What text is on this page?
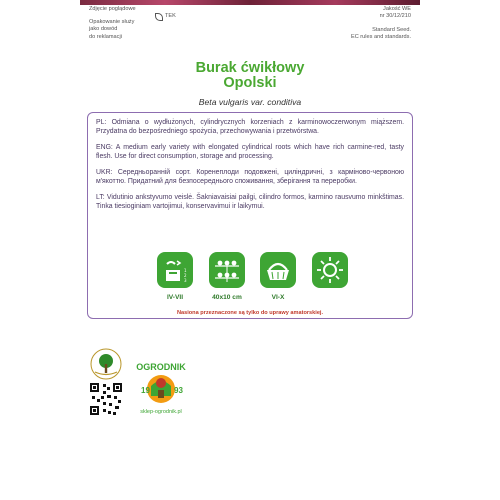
Zdjęcie poglądowe
Opakowanie służy
jako dowód
do reklamacji
TEK
Jakość WE
nr 30/12/210
Standard Seed.
EC rules and standards.
Burak ćwikłowy
Opolski
Beta vulgaris var. conditiva

PL: Odmiana o wydłużonych, cylindrycznych korzeniach z karminowoczerwonym miąższem. Przydatna do bezpośredniego spożycia, przechowywania i przetwórstwa.

ENG: A medium early variety with elongated cylindrical roots which have rich carmine-red, tasty flesh. Use for direct consumption, storage and processing.

UKR: Середньоранній сорт. Коренеплоди подовжені, циліндричні, з карміново-червоною м'якоттю. Придатний для безпосереднього споживання, зберігання та переробки.

LT: Vidutinio ankstyvumo veislė. Šakniavaisiai pailgi, cilindro formos, karmino rausvumo minkštimas. Tinka tiesioginiam vartojimui, konservavimui ir laikymui.

1
2
3
IV-VII	40x10 cm	VI-X
Nasiona przeznaczone są tylko do uprawy amatorskiej.
OGRODNIK
19	93
sklep-ogrodnik.pl
